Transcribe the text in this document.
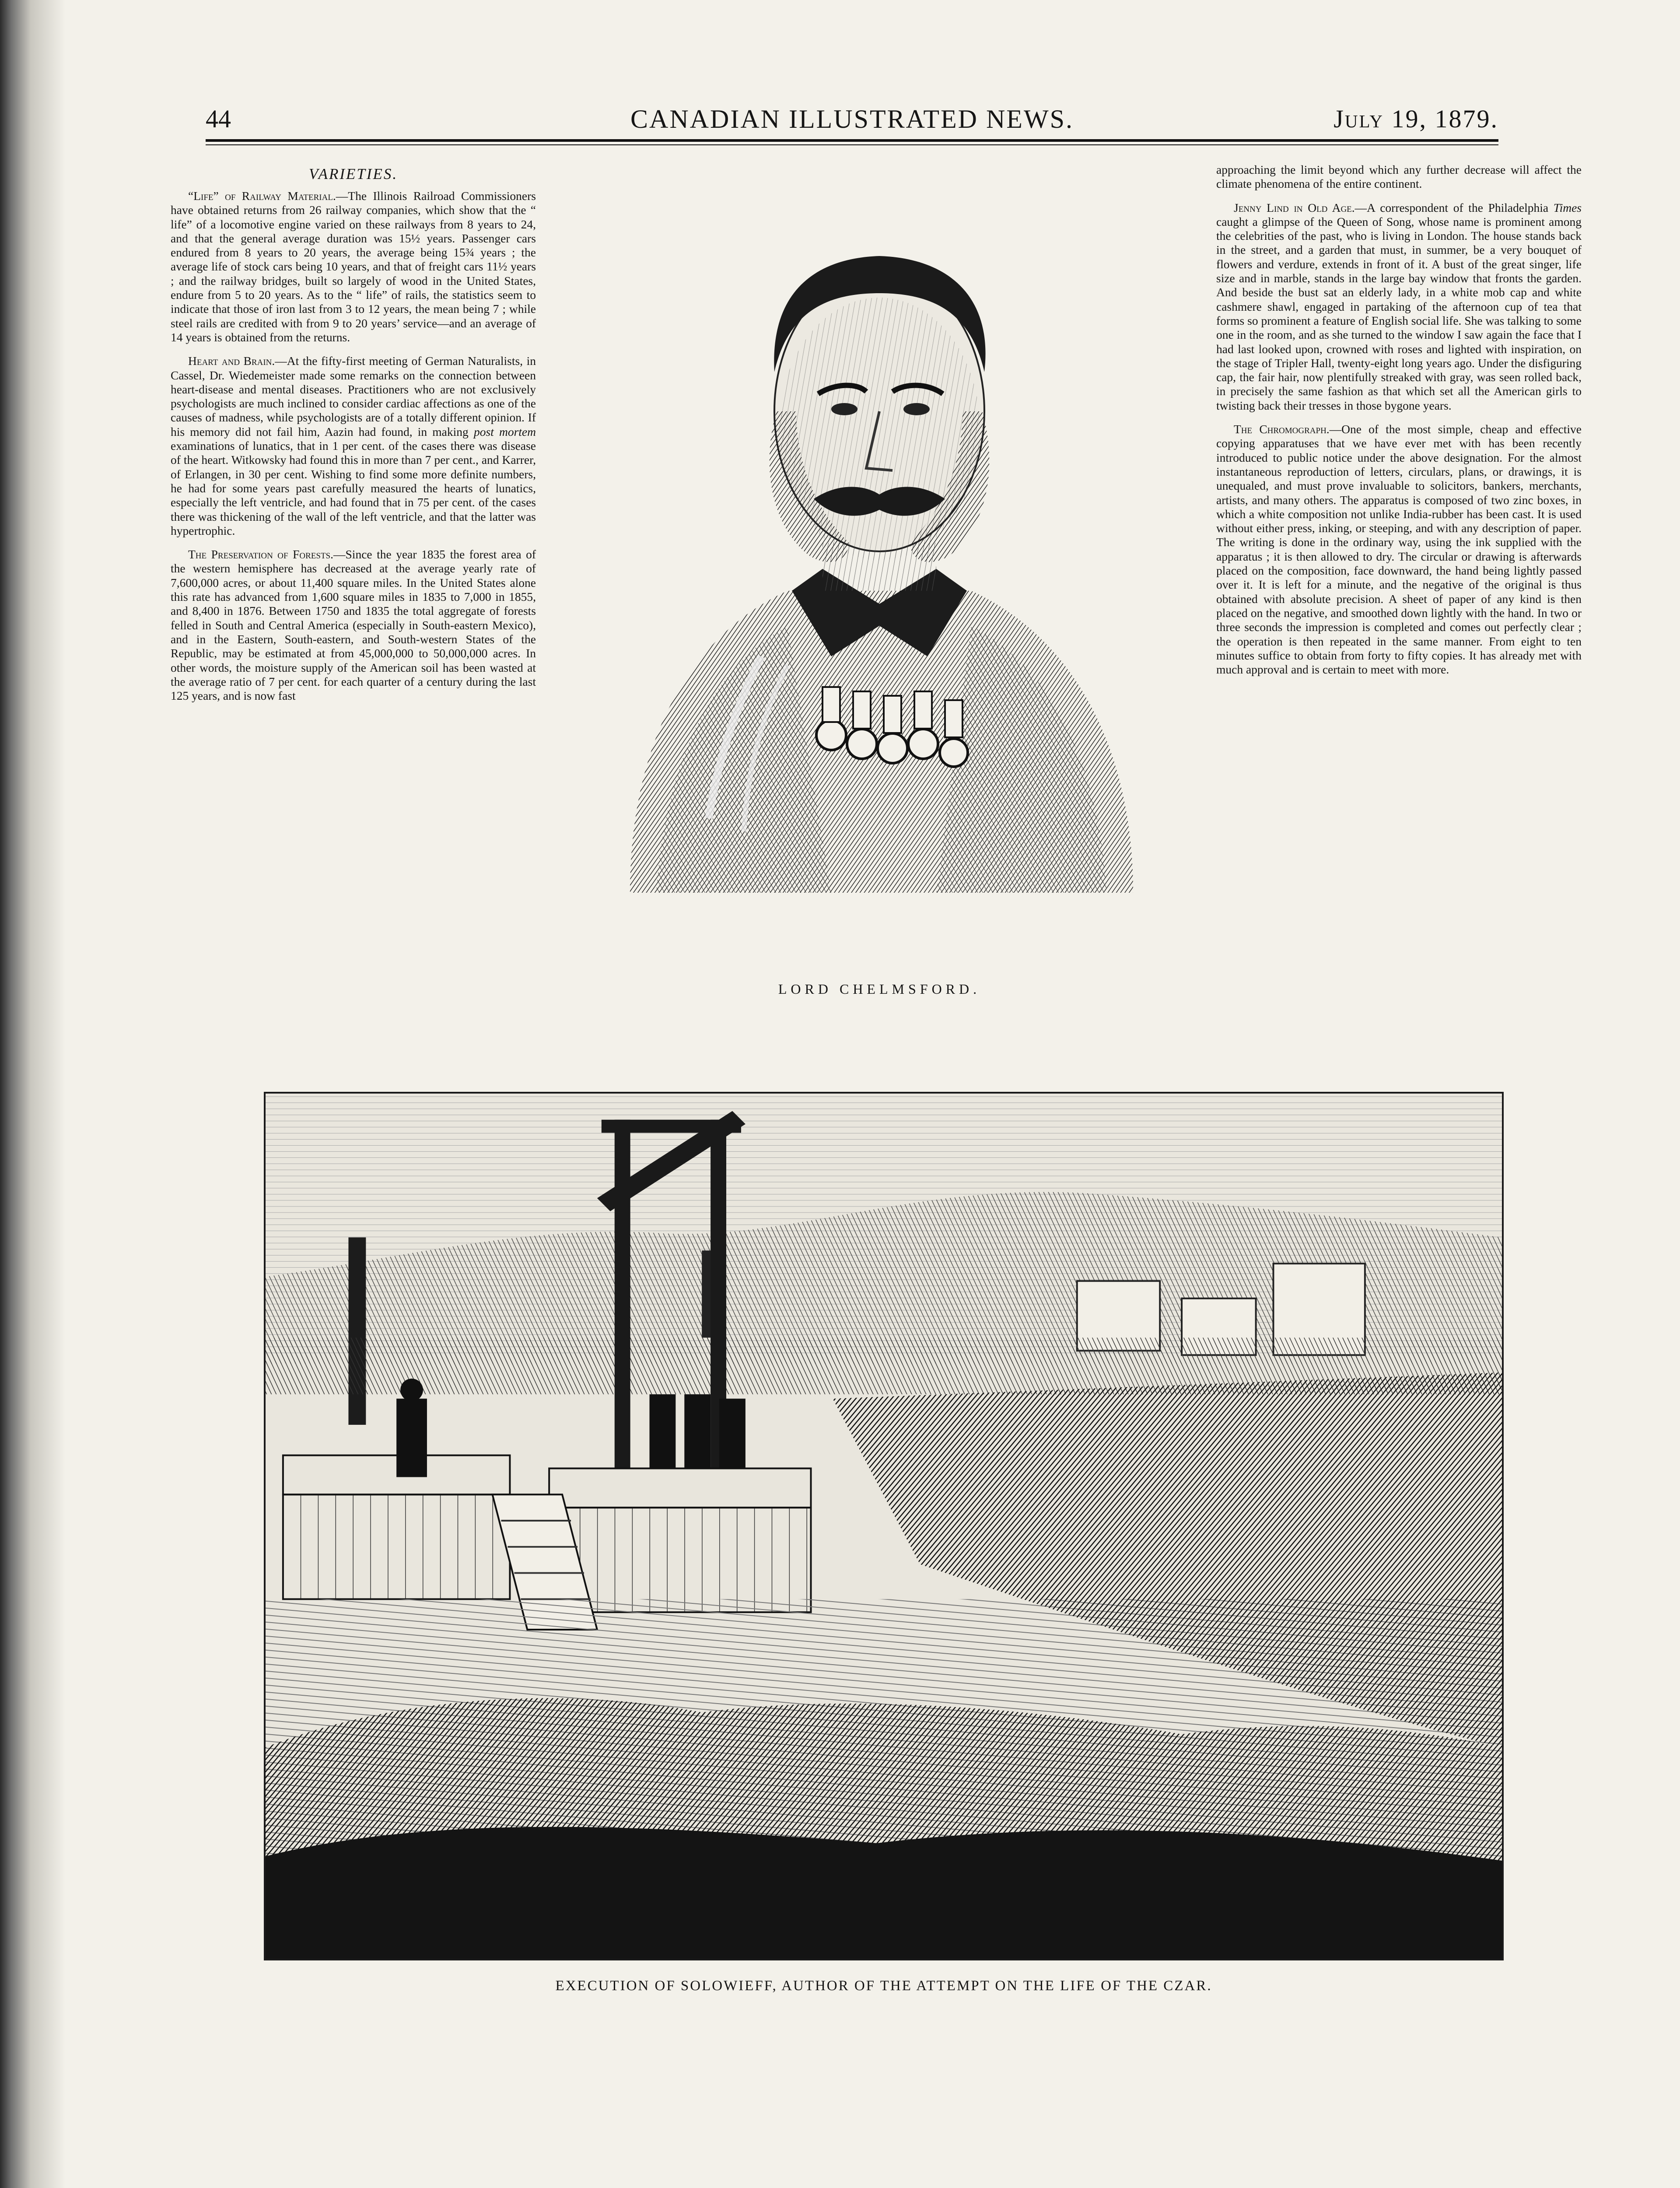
44	CANADIAN ILLUSTRATED NEWS.	July 19, 1879.
VARIETIES.

“Life” of Railway Material.—The Illinois Railroad Commissioners have obtained returns from 26 railway companies, which show that the “ life” of a locomotive engine varied on these railways from 8 years to 24, and that the general average duration was 15½ years. Passenger cars endured from 8 years to 20 years, the average being 15¾ years ; the average life of stock cars being 10 years, and that of freight cars 11½ years ; and the railway bridges, built so largely of wood in the United States, endure from 5 to 20 years. As to the “ life” of rails, the statistics seem to indicate that those of iron last from 3 to 12 years, the mean being 7 ; while steel rails are credited with from 9 to 20 years’ service—and an average of 14 years is obtained from the returns.

Heart and Brain.—At the fifty-first meeting of German Naturalists, in Cassel, Dr. Wiedemeister made some remarks on the connection between heart-disease and mental diseases. Practitioners who are not exclusively psychologists are much inclined to consider cardiac affections as one of the causes of madness, while psychologists are of a totally different opinion. If his memory did not fail him, Aazin had found, in making post mortem examinations of lunatics, that in 1 per cent. of the cases there was disease of the heart. Witkowsky had found this in more than 7 per cent., and Karrer, of Erlangen, in 30 per cent. Wishing to find some more definite numbers, he had for some years past carefully measured the hearts of lunatics, especially the left ventricle, and had found that in 75 per cent. of the cases there was thickening of the wall of the left ventricle, and that the latter was hypertrophic.

The Preservation of Forests.—Since the year 1835 the forest area of the western hemisphere has decreased at the average yearly rate of 7,600,000 acres, or about 11,400 square miles. In the United States alone this rate has advanced from 1,600 square miles in 1835 to 7,000 in 1855, and 8,400 in 1876. Between 1750 and 1835 the total aggregate of forests felled in South and Central America (especially in South-eastern Mexico), and in the Eastern, South-eastern, and South-western States of the Republic, may be estimated at from 45,000,000 to 50,000,000 acres. In other words, the moisture supply of the American soil has been wasted at the average ratio of 7 per cent. for each quarter of a century during the last 125 years, and is now fast

LORD CHELMSFORD.

approaching the limit beyond which any further decrease will affect the climate phenomena of the entire continent.

Jenny Lind in Old Age.—A correspondent of the Philadelphia Times caught a glimpse of the Queen of Song, whose name is prominent among the celebrities of the past, who is living in London. The house stands back in the street, and a garden that must, in summer, be a very bouquet of flowers and verdure, extends in front of it. A bust of the great singer, life size and in marble, stands in the large bay window that fronts the garden. And beside the bust sat an elderly lady, in a white mob cap and white cashmere shawl, engaged in partaking of the afternoon cup of tea that forms so prominent a feature of English social life. She was talking to some one in the room, and as she turned to the window I saw again the face that I had last looked upon, crowned with roses and lighted with inspiration, on the stage of Tripler Hall, twenty-eight long years ago. Under the disfiguring cap, the fair hair, now plentifully streaked with gray, was seen rolled back, in precisely the same fashion as that which set all the American girls to twisting back their tresses in those bygone years.

The Chromograph.—One of the most simple, cheap and effective copying apparatuses that we have ever met with has been recently introduced to public notice under the above designation. For the almost instantaneous reproduction of letters, circulars, plans, or drawings, it is unequaled, and must prove invaluable to solicitors, bankers, merchants, artists, and many others. The apparatus is composed of two zinc boxes, in which a white composition not unlike India-rubber has been cast. It is used without either press, inking, or steeping, and with any description of paper. The writing is done in the ordinary way, using the ink supplied with the apparatus ; it is then allowed to dry. The circular or drawing is afterwards placed on the composition, face downward, the hand being lightly passed over it. It is left for a minute, and the negative of the original is thus obtained with absolute precision. A sheet of paper of any kind is then placed on the negative, and smoothed down lightly with the hand. In two or three seconds the impression is completed and comes out perfectly clear ; the operation is then repeated in the same manner. From eight to ten minutes suffice to obtain from forty to fifty copies. It has already met with much approval and is certain to meet with more.

EXECUTION OF SOLOWIEFF, AUTHOR OF THE ATTEMPT ON THE LIFE OF THE CZAR.
